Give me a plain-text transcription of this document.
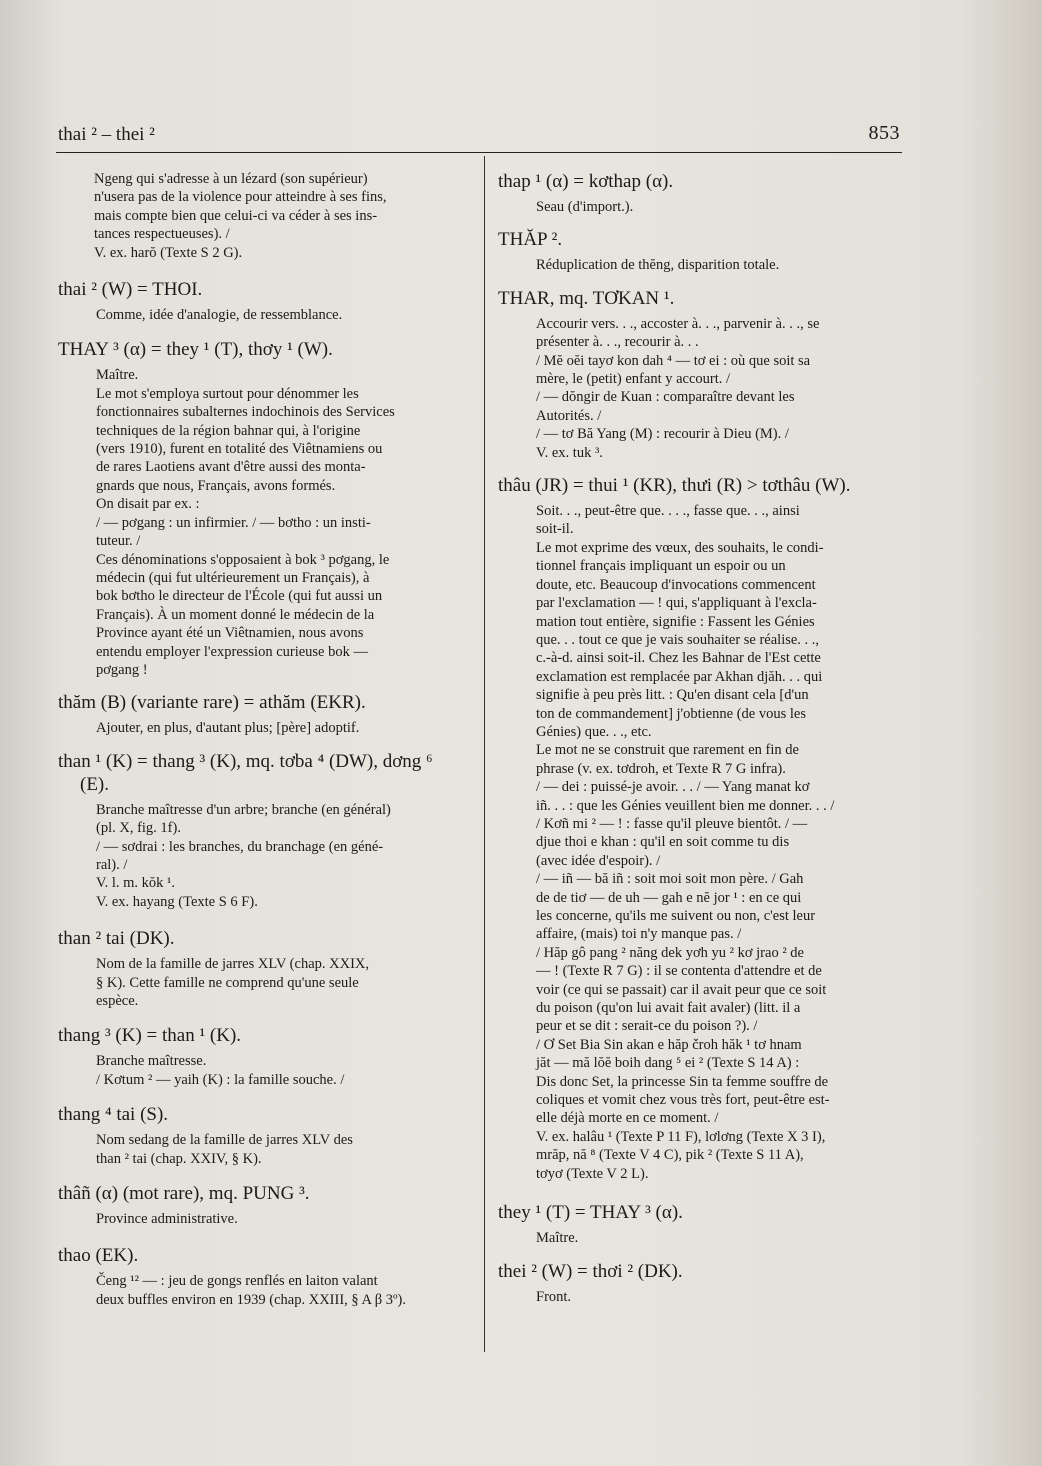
thai ² – thei ²	853

Ngeng qui s'adresse à un lézard (son supérieur)

n'usera pas de la violence pour atteindre à ses fins,

mais compte bien que celui-ci va céder à ses ins-

tances respectueuses). /

V. ex. harŏ (Texte S 2 G).

thai ² (W) = THOI.

Comme, idée d'analogie, de ressemblance.

THAY ³ (α) = they ¹ (T), thơy ¹ (W).

Maître.

Le mot s'employa surtout pour dénommer les

fonctionnaires subalternes indochinois des Services

techniques de la région bahnar qui, à l'origine

(vers 1910), furent en totalité des Viêtnamiens ou

de rares Laotiens avant d'être aussi des monta-

gnards que nous, Français, avons formés.

On disait par ex. :

/ — pơgang : un infirmier. / — bơtho : un insti-

tuteur. /

Ces dénominations s'opposaient à bok ³ pơgang, le

médecin (qui fut ultérieurement un Français), à

bok bơtho le directeur de l'École (qui fut aussi un

Français). À un moment donné le médecin de la

Province ayant été un Viêtnamien, nous avons

entendu employer l'expression curieuse bok —

pơgang !

thăm (B) (variante rare) = athăm (EKR).

Ajouter, en plus, d'autant plus; [père] adoptif.

than ¹ (K) = thang ³ (K), mq. tơba ⁴ (DW), dơng ⁶ (E).

Branche maîtresse d'un arbre; branche (en général)

(pl. X, fig. 1f).

/ — sơdrai : les branches, du branchage (en géné-

ral). /

V. l. m. kŏk ¹.

V. ex. hayang (Texte S 6 F).

than ² tai (DK).

Nom de la famille de jarres XLV (chap. XXIX,

§ K). Cette famille ne comprend qu'une seule

espèce.

thang ³ (K) = than ¹ (K).

Branche maîtresse.

/ Kơtum ² — yaih (K) : la famille souche. /

thang ⁴ tai (S).

Nom sedang de la famille de jarres XLV des

than ² tai (chap. XXIV, § K).

thâñ (α) (mot rare), mq. PUNG ³.

Province administrative.

thao (EK).

Čeng ¹² — : jeu de gongs renflés en laiton valant

deux buffles environ en 1939 (chap. XXIII, § A β 3º).

thap ¹ (α) = kơthap (α).

Seau (d'import.).

THĂP ².

Réduplication de thĕng, disparition totale.

THAR, mq. TƠKAN ¹.

Accourir vers. . ., accoster à. . ., parvenir à. . ., se

présenter à. . ., recourir à. . .

/ Mĕ oĕi tayơ kon dah ⁴ — tơ ei : où que soit sa

mère, le (petit) enfant y accourt. /

/ — dŏngir de Kuan : comparaître devant les

Autorités. /

/ — tơ Bă Yang (M) : recourir à Dieu (M). /

V. ex. tuk ³.

thâu (JR) = thui ¹ (KR), thưi (R) > tơthâu (W).

Soit. . ., peut-être que. . . ., fasse que. . ., ainsi

soit-il.

Le mot exprime des vœux, des souhaits, le condi-

tionnel français impliquant un espoir ou un

doute, etc. Beaucoup d'invocations commencent

par l'exclamation — ! qui, s'appliquant à l'excla-

mation tout entière, signifie : Fassent les Génies

que. . . tout ce que je vais souhaiter se réalise. . .,

c.-à-d. ainsi soit-il. Chez les Bahnar de l'Est cette

exclamation est remplacée par Akhan djăh. . . qui

signifie à peu près litt. : Qu'en disant cela [d'un

ton de commandement] j'obtienne (de vous les

Génies) que. . ., etc.

Le mot ne se construit que rarement en fin de

phrase (v. ex. tơdroh, et Texte R 7 G infra).

/ — dei : puissé-je avoir. . . / — Yang manat kơ

iñ. . . : que les Génies veuillent bien me donner. . . /

/ Kơñ mi ² — ! : fasse qu'il pleuve bientôt. / —

djue thoi e khan : qu'il en soit comme tu dis

(avec idée d'espoir). /

/ — iñ — bă iñ : soit moi soit mon père. / Gah

de de tiơ — de uh — gah e nĕ jor ¹ : en ce qui

les concerne, qu'ils me suivent ou non, c'est leur

affaire, (mais) toi n'y manque pas. /

/ Hăp gô pang ² năng dek yơh yu ² kơ jrao ² de

— ! (Texte R 7 G) : il se contenta d'attendre et de

voir (ce qui se passait) car il avait peur que ce soit

du poison (qu'on lui avait fait avaler) (litt. il a

peur et se dit : serait-ce du poison ?). /

/ Ơ Set Bia Sin akan e hăp čroh hăk ¹ tơ hnam

jăt — mă lŏĕ boih dang ⁵ ei ² (Texte S 14 A) :

Dis donc Set, la princesse Sin ta femme souffre de

coliques et vomit chez vous très fort, peut-être est-

elle déjà morte en ce moment. /

V. ex. halâu ¹ (Texte P 11 F), lơlơng (Texte X 3 I),

mrăp, nă ⁸ (Texte V 4 C), pik ² (Texte S 11 A),

tơyơ (Texte V 2 L).

they ¹ (T) = THAY ³ (α).

Maître.

thei ² (W) = thơi ² (DK).

Front.
